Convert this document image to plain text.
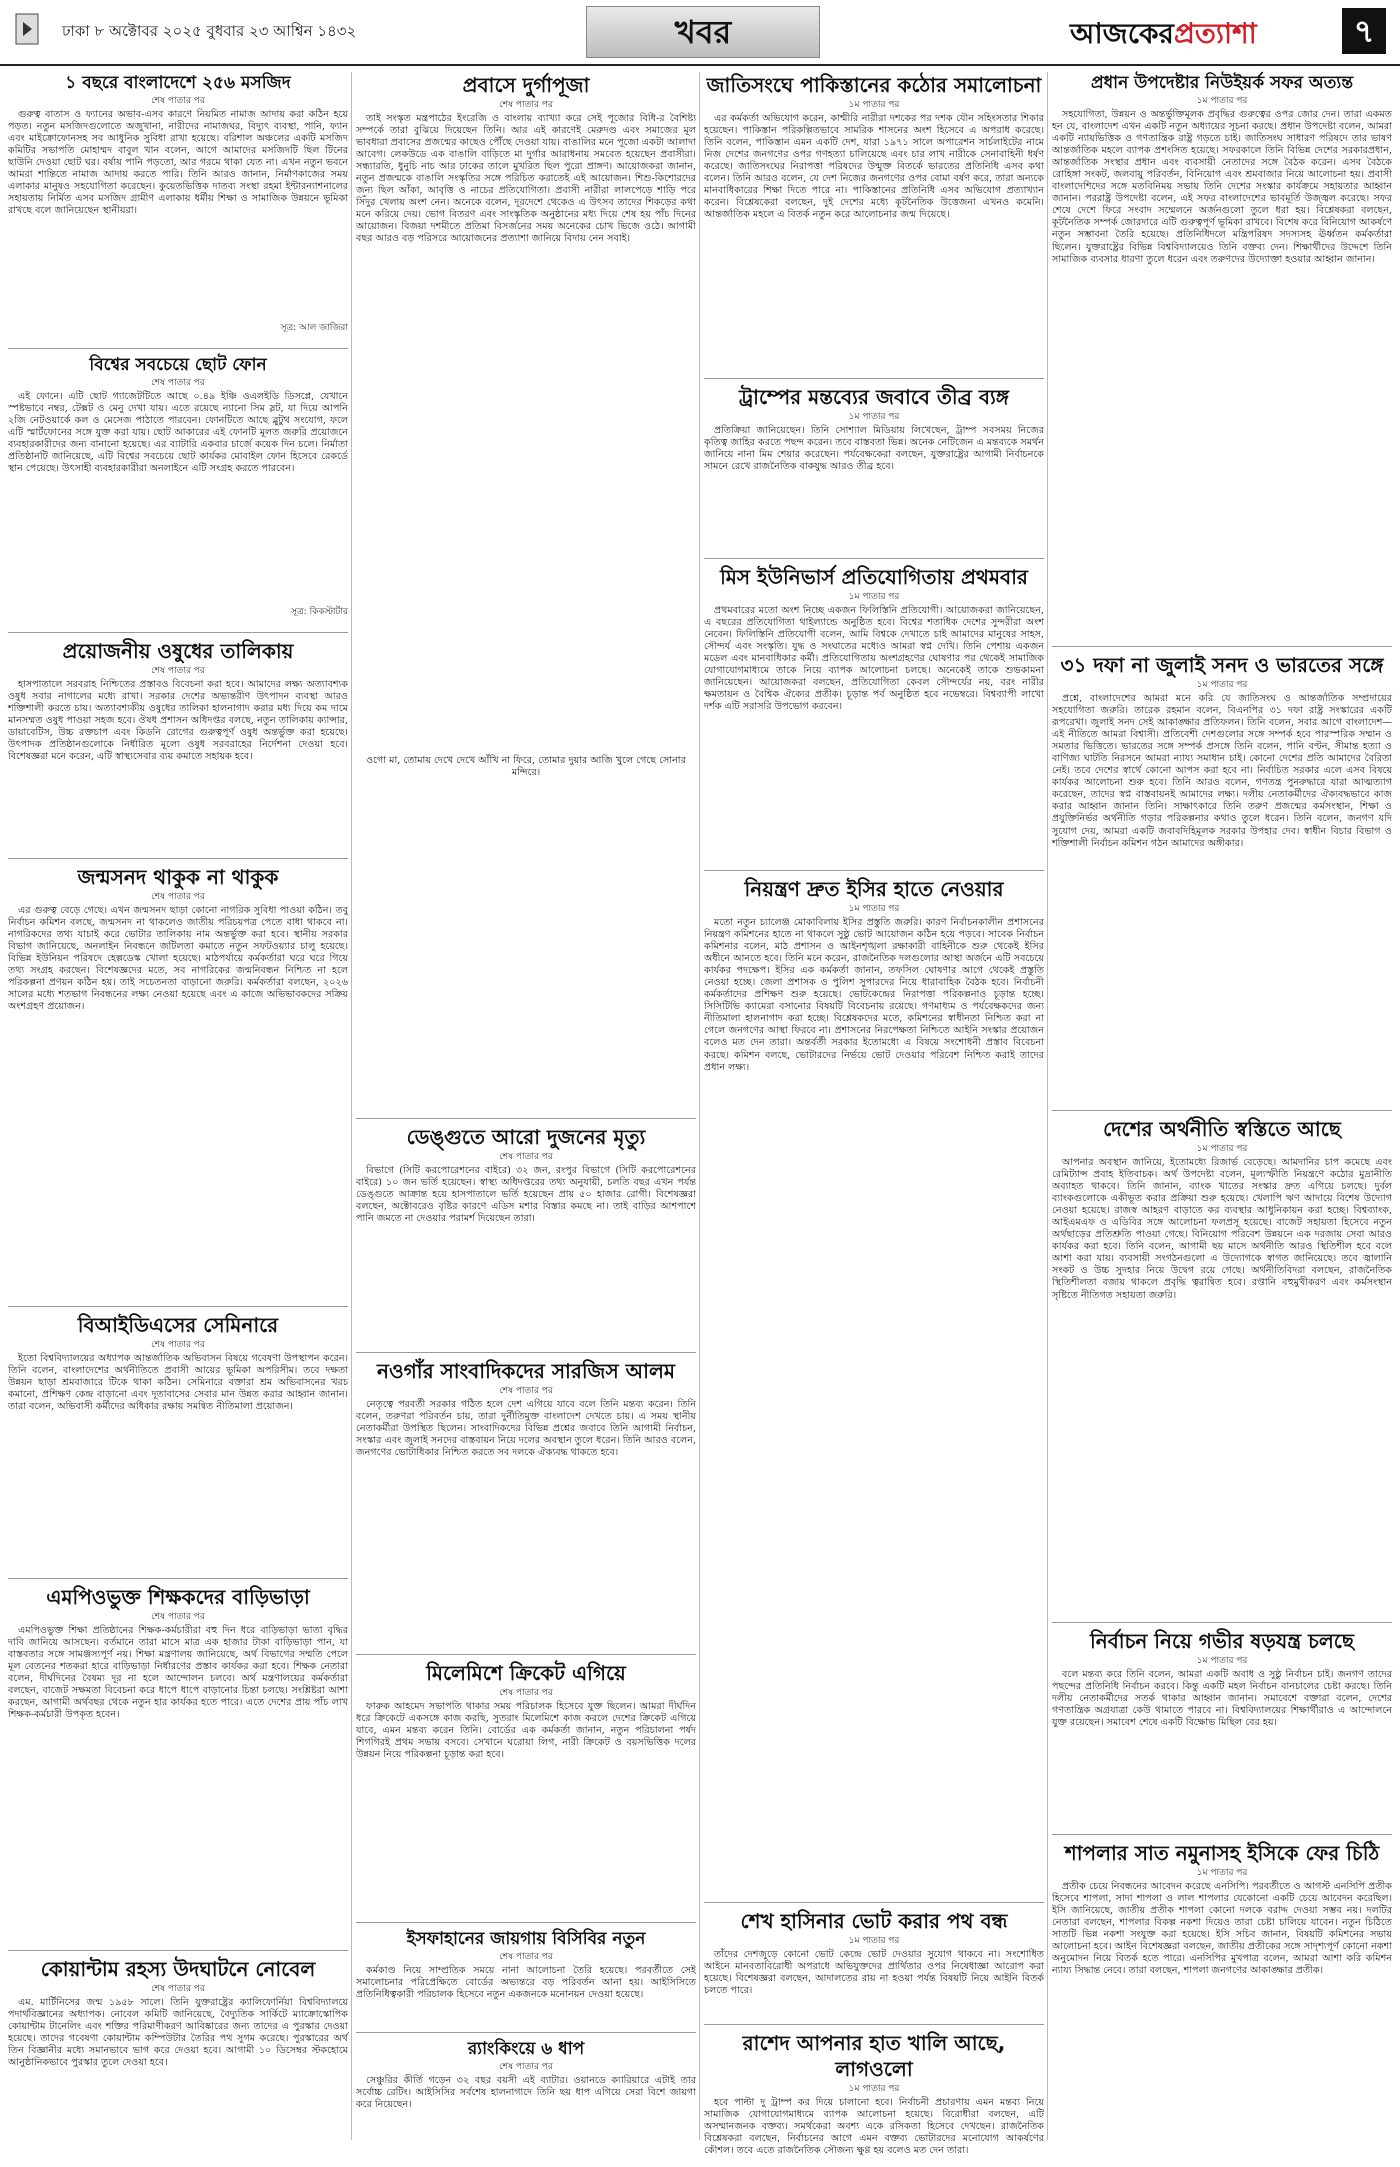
ঢাকা ৮ অক্টোবর ২০২৫ বুধবার ২৩ আশ্বিন ১৪৩২	খবর	আজকেরপ্রত্যাশা	৭
১ বছরে বাংলাদেশে ২৫৬ মসজিদ
শেষ পাতার পর

গুরুত্ব বাতাস ও ফ্যানের অভাব-এসব কারণে নিয়মিত নামাজ আদায় করা কঠিন হয়ে পড়ত। নতুন মসজিদগুলোতে অজুখানা, নারীদের নামাজঘর, বিদ্যুৎ ব্যবস্থা, পানি, ফ্যান এবং মাইক্রোফোনসহ সব আধুনিক সুবিধা রাখা হয়েছে। বরিশাল অঞ্চলের একটি মসজিদ কমিটির সভাপতি মোহাম্মদ বাবুল খান বলেন, আগে আমাদের মসজিদটি ছিল টিনের ছাউনি দেওয়া ছোট ঘর। বর্ষায় পানি পড়তো, আর গরমে থাকা যেত না। এখন নতুন ভবনে আমরা শান্তিতে নামাজ আদায় করতে পারি। তিনি আরও জানান, নির্মাণকাজের সময় এলাকার মানুষও সহযোগিতা করেছেন। কুয়েতভিত্তিক দাতব্য সংস্থা রহমা ইন্টারন্যাশনালের সহায়তায় নির্মিত এসব মসজিদ গ্রামীণ এলাকায় ধর্মীয় শিক্ষা ও সামাজিক উন্নয়নে ভূমিকা রাখছে বলে জানিয়েছেন স্থানীয়রা।

সূত্র: আল জাজিরা
বিশ্বের সবচেয়ে ছোট ফোন
শেষ পাতার পর

এই ফোনে। এটি ছোট গ্যাজেটটিতে আছে ০.৪৯ ইঞ্চি ওএলইডি ডিসপ্লে, যেখানে স্পষ্টভাবে নম্বর, টেক্সট ও মেনু দেখা যায়। এতে রয়েছে ন্যানো সিম স্লট, যা দিয়ে আপনি ২জি নেটওয়ার্কে কল ও মেসেজ পাঠাতে পারবেন। ফোনটিতে আছে ব্লুটুথ সংযোগ, ফলে এটি স্মার্টফোনের সঙ্গে যুক্ত করা যায়। ছোট আকারের এই ফোনটি মূলত জরুরি প্রয়োজনে ব্যবহারকারীদের জন্য বানানো হয়েছে। এর ব্যাটারি একবার চার্জে কয়েক দিন চলে। নির্মাতা প্রতিষ্ঠানটি জানিয়েছে, এটি বিশ্বের সবচেয়ে ছোট কার্যকর মোবাইল ফোন হিসেবে রেকর্ডে স্থান পেয়েছে। উৎসাহী ব্যবহারকারীরা অনলাইনে এটি সংগ্রহ করতে পারবেন।

সূত্র: কিকস্টার্টার
প্রয়োজনীয় ওষুধের তালিকায়
শেষ পাতার পর

হাসপাতালে সরবরাহ নিশ্চিতের প্রস্তাবও বিবেচনা করা হবে। আমাদের লক্ষ্য অত্যাবশ্যক ওষুধ সবার নাগালের মধ্যে রাখা। সরকার দেশের অভ্যন্তরীণ উৎপাদন ব্যবস্থা আরও শক্তিশালী করতে চায়। অত্যাবশ্যকীয় ওষুধের তালিকা হালনাগাদ করার মধ্য দিয়ে কম দামে মানসম্মত ওষুধ পাওয়া সহজ হবে। ঔষধ প্রশাসন অধিদপ্তর বলছে, নতুন তালিকায় ক্যান্সার, ডায়াবেটিস, উচ্চ রক্তচাপ এবং কিডনি রোগের গুরুত্বপূর্ণ ওষুধ অন্তর্ভুক্ত করা হয়েছে। উৎপাদক প্রতিষ্ঠানগুলোকে নির্ধারিত মূল্যে ওষুধ সরবরাহের নির্দেশনা দেওয়া হবে। বিশেষজ্ঞরা মনে করেন, এটি স্বাস্থ্যসেবার ব্যয় কমাতে সহায়ক হবে।

জন্মসনদ থাকুক না থাকুক
শেষ পাতার পর

এর গুরুত্ব বেড়ে গেছে। এখন জন্মসনদ ছাড়া কোনো নাগরিক সুবিধা পাওয়া কঠিন। তবু নির্বাচন কমিশন বলছে, জন্মসনদ না থাকলেও জাতীয় পরিচয়পত্র পেতে বাধা থাকবে না। নাগরিকদের তথ্য যাচাই করে ভোটার তালিকায় নাম অন্তর্ভুক্ত করা হবে। স্থানীয় সরকার বিভাগ জানিয়েছে, অনলাইন নিবন্ধনে জটিলতা কমাতে নতুন সফটওয়্যার চালু হয়েছে। বিভিন্ন ইউনিয়ন পরিষদে হেল্পডেস্ক খোলা হয়েছে। মাঠপর্যায়ে কর্মকর্তারা ঘরে ঘরে গিয়ে তথ্য সংগ্রহ করছেন। বিশেষজ্ঞদের মতে, সব নাগরিকের জন্মনিবন্ধন নিশ্চিত না হলে পরিকল্পনা প্রণয়ন কঠিন হয়। তাই সচেতনতা বাড়ানো জরুরি। কর্মকর্তারা বলছেন, ২০২৬ সালের মধ্যে শতভাগ নিবন্ধনের লক্ষ্য নেওয়া হয়েছে এবং এ কাজে অভিভাবকদের সক্রিয় অংশগ্রহণ প্রয়োজন।

বিআইডিএসের সেমিনারে
শেষ পাতার পর

ইতো বিশ্ববিদ্যালয়ের অধ্যাপক আন্তর্জাতিক অভিবাসন বিষয়ে গবেষণা উপস্থাপন করেন। তিনি বলেন, বাংলাদেশের অর্থনীতিতে প্রবাসী আয়ের ভূমিকা অপরিসীম। তবে দক্ষতা উন্নয়ন ছাড়া শ্রমবাজারে টিকে থাকা কঠিন। সেমিনারে বক্তারা শ্রম অভিবাসনের খরচ কমানো, প্রশিক্ষণ কেন্দ্র বাড়ানো এবং দূতাবাসের সেবার মান উন্নত করার আহ্বান জানান। তারা বলেন, অভিবাসী কর্মীদের অধিকার রক্ষায় সমন্বিত নীতিমালা প্রয়োজন।

এমপিওভুক্ত শিক্ষকদের বাড়িভাড়া
শেষ পাতার পর

এমপিওভুক্ত শিক্ষা প্রতিষ্ঠানের শিক্ষক-কর্মচারীরা বহু দিন ধরে বাড়িভাড়া ভাতা বৃদ্ধির দাবি জানিয়ে আসছেন। বর্তমানে তারা মাসে মাত্র এক হাজার টাকা বাড়িভাড়া পান, যা বাস্তবতার সঙ্গে সামঞ্জস্যপূর্ণ নয়। শিক্ষা মন্ত্রণালয় জানিয়েছে, অর্থ বিভাগের সম্মতি পেলে মূল বেতনের শতকরা হারে বাড়িভাড়া নির্ধারণের প্রস্তাব কার্যকর করা হবে। শিক্ষক নেতারা বলেন, দীর্ঘদিনের বৈষম্য দূর না হলে আন্দোলন চলবে। অর্থ মন্ত্রণালয়ের কর্মকর্তারা বলছেন, বাজেট সক্ষমতা বিবেচনা করে ধাপে ধাপে বাড়ানোর চিন্তা চলছে। সংশ্লিষ্টরা আশা করছেন, আগামী অর্থবছর থেকে নতুন হার কার্যকর হতে পারে। এতে দেশের প্রায় পাঁচ লাখ শিক্ষক-কর্মচারী উপকৃত হবেন।

কোয়ান্টাম রহস্য উদঘাটনে নোবেল
শেষ পাতার পর

এম. মার্টিনিসের জন্ম ১৯৫৮ সালে। তিনি যুক্তরাষ্ট্রের ক্যালিফোর্নিয়া বিশ্ববিদ্যালয়ে পদার্থবিজ্ঞানের অধ্যাপক। নোবেল কমিটি জানিয়েছে, বৈদ্যুতিক সার্কিটে ম্যাক্রোস্কোপিক কোয়ান্টাম টানেলিং এবং শক্তির পরিমাণীকরণ আবিষ্কারের জন্য তাদের এ পুরস্কার দেওয়া হয়েছে। তাদের গবেষণা কোয়ান্টাম কম্পিউটার তৈরির পথ সুগম করেছে। পুরস্কারের অর্থ তিন বিজ্ঞানীর মধ্যে সমানভাবে ভাগ করে দেওয়া হবে। আগামী ১০ ডিসেম্বর স্টকহোমে আনুষ্ঠানিকভাবে পুরস্কার তুলে দেওয়া হবে।

প্রবাসে দুর্গাপূজা
শেষ পাতার পর

তাই সংস্কৃত মন্ত্রপাঠের ইংরেজি ও বাংলায় ব্যাখ্যা করে সেই পূজোর বিধি-র বৈশিষ্ট্য সম্পর্কে তারা বুঝিয়ে দিয়েছেন তিনি। আর এই কারণেই মেরুদণ্ড এবং সমাজের মূল ভাবধারা প্রবাসের প্রজন্মের কাছেও পৌঁছে দেওয়া যায়। বাঙালির মনে পূজো একটা আলাদা আবেগ। লেকউডে এক বাঙালি বাড়িতে মা দুর্গার আরাধনায় সমবেত হয়েছেন প্রবাসীরা। সন্ধ্যারতি, ধুনুচি নাচ আর ঢাকের তালে মুখরিত ছিল পুরো প্রাঙ্গণ। আয়োজকরা জানান, নতুন প্রজন্মকে বাঙালি সংস্কৃতির সঙ্গে পরিচিত করাতেই এই আয়োজন। শিশু-কিশোরদের জন্য ছিল আঁকা, আবৃত্তি ও নাচের প্রতিযোগিতা। প্রবাসী নারীরা লালপেড়ে শাড়ি পরে সিঁদুর খেলায় অংশ নেন। অনেকে বলেন, দূরদেশে থেকেও এ উৎসব তাদের শিকড়ের কথা মনে করিয়ে দেয়। ভোগ বিতরণ এবং সাংস্কৃতিক অনুষ্ঠানের মধ্য দিয়ে শেষ হয় পাঁচ দিনের আয়োজন। বিজয়া দশমীতে প্রতিমা বিসর্জনের সময় অনেকের চোখ ভিজে ওঠে। আগামী বছর আরও বড় পরিসরে আয়োজনের প্রত্যাশা জানিয়ে বিদায় নেন সবাই।

ওগো মা, তোমায় দেখে দেখে আঁখি না ফিরে, তোমার দুয়ার আজি খুলে গেছে সোনার মন্দিরে।
ডেঙ্গুতে আরো দুজনের মৃত্যু
শেষ পাতার পর

বিভাগে (সিটি করপোরেশনের বাইরে) ৩২ জন, রংপুর বিভাগে (সিটি করপোরেশনের বাইরে) ১০ জন ভর্তি হয়েছেন। স্বাস্থ্য অধিদপ্তরের তথ্য অনুযায়ী, চলতি বছর এখন পর্যন্ত ডেঙ্গুতে আক্রান্ত হয়ে হাসপাতালে ভর্তি হয়েছেন প্রায় ৫০ হাজার রোগী। বিশেষজ্ঞরা বলছেন, অক্টোবরেও বৃষ্টির কারণে এডিস মশার বিস্তার কমছে না। তাই বাড়ির আশপাশে পানি জমতে না দেওয়ার পরামর্শ দিয়েছেন তারা।

নওগাঁর সাংবাদিকদের সারজিস আলম
শেষ পাতার পর

নেতৃত্বে পরবর্তী সরকার গঠিত হলে দেশ এগিয়ে যাবে বলে তিনি মন্তব্য করেন। তিনি বলেন, তরুণরা পরিবর্তন চায়, তারা দুর্নীতিমুক্ত বাংলাদেশ দেখতে চায়। এ সময় স্থানীয় নেতাকর্মীরা উপস্থিত ছিলেন। সাংবাদিকদের বিভিন্ন প্রশ্নের জবাবে তিনি আগামী নির্বাচন, সংস্কার এবং জুলাই সনদের বাস্তবায়ন নিয়ে দলের অবস্থান তুলে ধরেন। তিনি আরও বলেন, জনগণের ভোটাধিকার নিশ্চিত করতে সব দলকে ঐক্যবদ্ধ থাকতে হবে।

মিলেমিশে ক্রিকেট এগিয়ে
শেষ পাতার পর

ফারুক আহমেদ সভাপতি থাকার সময় পরিচালক হিসেবে যুক্ত ছিলেন। আমরা দীর্ঘদিন ধরে ক্রিকেটে একসঙ্গে কাজ করছি, সুতরাং মিলেমিশে কাজ করলে দেশের ক্রিকেট এগিয়ে যাবে, এমন মন্তব্য করেন তিনি। বোর্ডের এক কর্মকর্তা জানান, নতুন পরিচালনা পর্ষদ শিগগিরই প্রথম সভায় বসবে। সেখানে ঘরোয়া লিগ, নারী ক্রিকেট ও বয়সভিত্তিক দলের উন্নয়ন নিয়ে পরিকল্পনা চূড়ান্ত করা হবে।

ইসফাহানের জায়গায় বিসিবির নতুন
শেষ পাতার পর

কর্মকাণ্ড নিয়ে সাম্প্রতিক সময়ে নানা আলোচনা তৈরি হয়েছে। পরবর্তীতে সেই সমালোচনার পরিপ্রেক্ষিতে বোর্ডের অভ্যন্তরে বড় পরিবর্তন আনা হয়। আইসিসিতে প্রতিনিধিত্বকারী পরিচালক হিসেবে নতুন একজনকে মনোনয়ন দেওয়া হয়েছে।

র‍্যাংকিংয়ে ৬ ধাপ
শেষ পাতার পর

সেঞ্চুরির কীর্তি গড়েন ৩২ বছর বয়সী এই ব্যাটার। ওয়ানডে ক্যারিয়ারে এটাই তার সর্বোচ্চ রেটিং। আইসিসির সর্বশেষ হালনাগাদে তিনি ছয় ধাপ এগিয়ে সেরা বিশে জায়গা করে নিয়েছেন।

জাতিসংঘে পাকিস্তানের কঠোর সমালোচনা
১ম পাতার পর

এর কর্মকর্তা অভিযোগ করেন, কাশ্মীরি নারীরা দশকের পর দশক যৌন সহিংসতার শিকার হয়েছেন। পাকিস্তান পরিকল্পিতভাবে সামরিক শাসনের অংশ হিসেবে এ অপরাধ করেছে। তিনি বলেন, পাকিস্তান এমন একটি দেশ, যারা ১৯৭১ সালে অপারেশন সার্চলাইটের নামে নিজ দেশের জনগণের ওপর গণহত্যা চালিয়েছে এবং চার লাখ নারীকে সেনাবাহিনী ধর্ষণ করেছে। জাতিসংঘের নিরাপত্তা পরিষদের উন্মুক্ত বিতর্কে ভারতের প্রতিনিধি এসব কথা বলেন। তিনি আরও বলেন, যে দেশ নিজের জনগণের ওপর বোমা বর্ষণ করে, তারা অন্যকে মানবাধিকারের শিক্ষা দিতে পারে না। পাকিস্তানের প্রতিনিধি এসব অভিযোগ প্রত্যাখ্যান করেন। বিশ্লেষকেরা বলছেন, দুই দেশের মধ্যে কূটনৈতিক উত্তেজনা এখনও কমেনি। আন্তর্জাতিক মহলে এ বিতর্ক নতুন করে আলোচনার জন্ম দিয়েছে।

ট্রাম্পের মন্তব্যের জবাবে তীব্র ব্যঙ্গ
১ম পাতার পর

প্রতিক্রিয়া জানিয়েছেন। তিনি সোশ্যাল মিডিয়ায় লিখেছেন, ট্রাম্প সবসময় নিজের কৃতিত্ব জাহির করতে পছন্দ করেন। তবে বাস্তবতা ভিন্ন। অনেক নেটিজেন এ মন্তব্যকে সমর্থন জানিয়ে নানা মিম শেয়ার করেছেন। পর্যবেক্ষকেরা বলছেন, যুক্তরাষ্ট্রের আগামী নির্বাচনকে সামনে রেখে রাজনৈতিক বাকযুদ্ধ আরও তীব্র হবে।

মিস ইউনিভার্স প্রতিযোগিতায় প্রথমবার
১ম পাতার পর

প্রথমবারের মতো অংশ নিচ্ছে একজন ফিলিস্তিনি প্রতিযোগী। আয়োজকরা জানিয়েছেন, এ বছরের প্রতিযোগিতা থাইল্যান্ডে অনুষ্ঠিত হবে। বিশ্বের শতাধিক দেশের সুন্দরীরা অংশ নেবেন। ফিলিস্তিনি প্রতিযোগী বলেন, আমি বিশ্বকে দেখাতে চাই আমাদের মানুষের সাহস, সৌন্দর্য এবং সংস্কৃতি। যুদ্ধ ও সংঘাতের মধ্যেও আমরা স্বপ্ন দেখি। তিনি পেশায় একজন মডেল এবং মানবাধিকার কর্মী। প্রতিযোগিতায় অংশগ্রহণের ঘোষণার পর থেকেই সামাজিক যোগাযোগমাধ্যমে তাকে নিয়ে ব্যাপক আলোচনা চলছে। অনেকেই তাকে শুভকামনা জানিয়েছেন। আয়োজকরা বলছেন, প্রতিযোগিতা কেবল সৌন্দর্যের নয়, বরং নারীর ক্ষমতায়ন ও বৈশ্বিক ঐক্যের প্রতীক। চূড়ান্ত পর্ব অনুষ্ঠিত হবে নভেম্বরে। বিশ্বব্যাপী লাখো দর্শক এটি সরাসরি উপভোগ করবেন।

নিয়ন্ত্রণ দ্রুত ইসির হাতে নেওয়ার
১ম পাতার পর

মতো নতুন চ্যালেঞ্জ মোকাবিলায় ইসির প্রস্তুতি জরুরি। কারণ নির্বাচনকালীন প্রশাসনের নিয়ন্ত্রণ কমিশনের হাতে না থাকলে সুষ্ঠু ভোট আয়োজন কঠিন হয়ে পড়বে। সাবেক নির্বাচন কমিশনার বলেন, মাঠ প্রশাসন ও আইনশৃঙ্খলা রক্ষাকারী বাহিনীকে শুরু থেকেই ইসির অধীনে আনতে হবে। তিনি মনে করেন, রাজনৈতিক দলগুলোর আস্থা অর্জনে এটি সবচেয়ে কার্যকর পদক্ষেপ। ইসির এক কর্মকর্তা জানান, তফসিল ঘোষণার আগে থেকেই প্রস্তুতি নেওয়া হচ্ছে। জেলা প্রশাসক ও পুলিশ সুপারদের নিয়ে ধারাবাহিক বৈঠক হবে। নির্বাচনী কর্মকর্তাদের প্রশিক্ষণ শুরু হয়েছে। ভোটকেন্দ্রের নিরাপত্তা পরিকল্পনাও চূড়ান্ত হচ্ছে। সিসিটিভি ক্যামেরা বসানোর বিষয়টি বিবেচনায় রয়েছে। গণমাধ্যম ও পর্যবেক্ষকদের জন্য নীতিমালা হালনাগাদ করা হচ্ছে। বিশ্লেষকদের মতে, কমিশনের স্বাধীনতা নিশ্চিত করা না গেলে জনগণের আস্থা ফিরবে না। প্রশাসনের নিরপেক্ষতা নিশ্চিতে আইনি সংস্কার প্রয়োজন বলেও মত দেন তারা। অন্তর্বর্তী সরকার ইতোমধ্যে এ বিষয়ে সংশোধনী প্রস্তাব বিবেচনা করছে। কমিশন বলছে, ভোটারদের নির্ভয়ে ভোট দেওয়ার পরিবেশ নিশ্চিত করাই তাদের প্রধান লক্ষ্য।

শেখ হাসিনার ভোট করার পথ বন্ধ
১ম পাতার পর

তাঁদের দেশজুড়ে কোনো ভোট কেন্দ্রে ভোট দেওয়ার সুযোগ থাকবে না। সংশোধিত আইনে মানবতাবিরোধী অপরাধে অভিযুক্তদের প্রার্থিতার ওপর নিষেধাজ্ঞা আরোপ করা হয়েছে। বিশেষজ্ঞরা বলছেন, আদালতের রায় না হওয়া পর্যন্ত বিষয়টি নিয়ে আইনি বিতর্ক চলতে পারে।

রাশেদ আপনার হাত খালি আছে, লাগওলো
১ম পাতার পর

হবে পাল্টা দু ট্রাম্প কর দিয়ে চালানো হবে। নির্বাচনী প্রচারণায় এমন মন্তব্য নিয়ে সামাজিক যোগাযোগমাধ্যমে ব্যাপক আলোচনা হয়েছে। বিরোধীরা বলছেন, এটি অসম্মানজনক বক্তব্য। সমর্থকেরা অবশ্য একে রসিকতা হিসেবে দেখছেন। রাজনৈতিক বিশ্লেষকরা বলছেন, নির্বাচনের আগে এমন বক্তব্য ভোটারদের মনোযোগ আকর্ষণের কৌশল। তবে এতে রাজনৈতিক সৌজন্য ক্ষুণ্ণ হয় বলেও মত দেন তারা।

প্রধান উপদেষ্টার নিউইয়র্ক সফর অত্যন্ত
১ম পাতার পর

সহযোগিতা, উন্নয়ন ও অন্তর্ভুক্তিমূলক প্রবৃদ্ধির গুরুত্বের ওপর জোর দেন। তারা একমত হন যে, বাংলাদেশ এখন একটি নতুন অধ্যায়ের সূচনা করছে। প্রধান উপদেষ্টা বলেন, আমরা একটি ন্যায়ভিত্তিক ও গণতান্ত্রিক রাষ্ট্র গড়তে চাই। জাতিসংঘ সাধারণ পরিষদে তার ভাষণ আন্তর্জাতিক মহলে ব্যাপক প্রশংসিত হয়েছে। সফরকালে তিনি বিভিন্ন দেশের সরকারপ্রধান, আন্তর্জাতিক সংস্থার প্রধান এবং ব্যবসায়ী নেতাদের সঙ্গে বৈঠক করেন। এসব বৈঠকে রোহিঙ্গা সংকট, জলবায়ু পরিবর্তন, বিনিয়োগ এবং শ্রমবাজার নিয়ে আলোচনা হয়। প্রবাসী বাংলাদেশিদের সঙ্গে মতবিনিময় সভায় তিনি দেশের সংস্কার কার্যক্রমে সহায়তার আহ্বান জানান। পররাষ্ট্র উপদেষ্টা বলেন, এই সফর বাংলাদেশের ভাবমূর্তি উজ্জ্বল করেছে। সফর শেষে দেশে ফিরে সংবাদ সম্মেলনে অর্জনগুলো তুলে ধরা হয়। বিশ্লেষকরা বলছেন, কূটনৈতিক সম্পর্ক জোরদারে এটি গুরুত্বপূর্ণ ভূমিকা রাখবে। বিশেষ করে বিনিয়োগ আকর্ষণে নতুন সম্ভাবনা তৈরি হয়েছে। প্রতিনিধিদলে মন্ত্রিপরিষদ সদস্যসহ ঊর্ধ্বতন কর্মকর্তারা ছিলেন। যুক্তরাষ্ট্রের বিভিন্ন বিশ্ববিদ্যালয়েও তিনি বক্তব্য দেন। শিক্ষার্থীদের উদ্দেশে তিনি সামাজিক ব্যবসার ধারণা তুলে ধরেন এবং তরুণদের উদ্যোক্তা হওয়ার আহ্বান জানান।

৩১ দফা না জুলাই সনদ ও ভারতের সঙ্গে
১ম পাতার পর

প্রশ্নে, বাংলাদেশের আমরা মনে করি যে জাতিসংঘ ও আন্তর্জাতিক সম্প্রদায়ের সহযোগিতা জরুরি। তারেক রহমান বলেন, বিএনপির ৩১ দফা রাষ্ট্র সংস্কারের একটি রূপরেখা। জুলাই সনদ সেই আকাঙ্ক্ষার প্রতিফলন। তিনি বলেন, সবার আগে বাংলাদেশ—এই নীতিতে আমরা বিশ্বাসী। প্রতিবেশী দেশগুলোর সঙ্গে সম্পর্ক হবে পারস্পরিক সম্মান ও সমতার ভিত্তিতে। ভারতের সঙ্গে সম্পর্ক প্রসঙ্গে তিনি বলেন, পানি বণ্টন, সীমান্ত হত্যা ও বাণিজ্য ঘাটতি নিরসনে আমরা ন্যায্য সমাধান চাই। কোনো দেশের প্রতি আমাদের বৈরিতা নেই। তবে দেশের স্বার্থে কোনো আপস করা হবে না। নির্বাচিত সরকার এলে এসব বিষয়ে কার্যকর আলোচনা শুরু হবে। তিনি আরও বলেন, গণতন্ত্র পুনরুদ্ধারে যারা আত্মত্যাগ করেছেন, তাদের স্বপ্ন বাস্তবায়নই আমাদের লক্ষ্য। দলীয় নেতাকর্মীদের ঐক্যবদ্ধভাবে কাজ করার আহ্বান জানান তিনি। সাক্ষাৎকারে তিনি তরুণ প্রজন্মের কর্মসংস্থান, শিক্ষা ও প্রযুক্তিনির্ভর অর্থনীতি গড়ার পরিকল্পনার কথাও তুলে ধরেন। তিনি বলেন, জনগণ যদি সুযোগ দেয়, আমরা একটি জবাবদিহিমূলক সরকার উপহার দেব। স্বাধীন বিচার বিভাগ ও শক্তিশালী নির্বাচন কমিশন গঠন আমাদের অঙ্গীকার।

দেশের অর্থনীতি স্বস্তিতে আছে
১ম পাতার পর

আপনার অবস্থান জানিয়ে, ইতোমধ্যে রিজার্ভ বেড়েছে। আমদানির চাপ কমেছে এবং রেমিট্যান্স প্রবাহ ইতিবাচক। অর্থ উপদেষ্টা বলেন, মূল্যস্ফীতি নিয়ন্ত্রণে কঠোর মুদ্রানীতি অব্যাহত থাকবে। তিনি জানান, ব্যাংক খাতের সংস্কার দ্রুত এগিয়ে চলছে। দুর্বল ব্যাংকগুলোকে একীভূত করার প্রক্রিয়া শুরু হয়েছে। খেলাপি ঋণ আদায়ে বিশেষ উদ্যোগ নেওয়া হয়েছে। রাজস্ব আহরণ বাড়াতে কর ব্যবস্থার আধুনিকায়ন করা হচ্ছে। বিশ্বব্যাংক, আইএমএফ ও এডিবির সঙ্গে আলোচনা ফলপ্রসূ হয়েছে। বাজেট সহায়তা হিসেবে নতুন অর্থছাড়ের প্রতিশ্রুতি পাওয়া গেছে। বিনিয়োগ পরিবেশ উন্নয়নে এক দরজায় সেবা আরও কার্যকর করা হবে। তিনি বলেন, আগামী ছয় মাসে অর্থনীতি আরও স্থিতিশীল হবে বলে আশা করা যায়। ব্যবসায়ী সংগঠনগুলো এ উদ্যোগকে স্বাগত জানিয়েছে। তবে জ্বালানি সংকট ও উচ্চ সুদহার নিয়ে উদ্বেগ রয়ে গেছে। অর্থনীতিবিদরা বলছেন, রাজনৈতিক স্থিতিশীলতা বজায় থাকলে প্রবৃদ্ধি ত্বরান্বিত হবে। রপ্তানি বহুমুখীকরণ এবং কর্মসংস্থান সৃষ্টিতে নীতিগত সহায়তা জরুরি।

নির্বাচন নিয়ে গভীর ষড়যন্ত্র চলছে
১ম পাতার পর

বলে মন্তব্য করে তিনি বলেন, আমরা একটি অবাধ ও সুষ্ঠু নির্বাচন চাই। জনগণ তাদের পছন্দের প্রতিনিধি নির্বাচন করবে। কিন্তু একটি মহল নির্বাচন বানচালের চেষ্টা করছে। তিনি দলীয় নেতাকর্মীদের সতর্ক থাকার আহ্বান জানান। সমাবেশে বক্তারা বলেন, দেশের গণতান্ত্রিক অগ্রযাত্রা কেউ থামাতে পারবে না। বিশ্ববিদ্যালয়ের শিক্ষার্থীরাও এ আন্দোলনে যুক্ত রয়েছেন। সমাবেশ শেষে একটি বিক্ষোভ মিছিল বের হয়।

শাপলার সাত নমুনাসহ ইসিকে ফের চিঠি
১ম পাতার পর

প্রতীক চেয়ে নিবন্ধনের আবেদন করেছে এনসিপি। পরবর্তীতে ও আগস্ট এনসিপি প্রতীক হিসেবে শাপলা, সাদা শাপলা ও লাল শাপলার যেকোনো একটি চেয়ে আবেদন করেছিল। ইসি জানিয়েছে, জাতীয় প্রতীক শাপলা কোনো দলকে বরাদ্দ দেওয়া সম্ভব নয়। দলটির নেতারা বলছেন, শাপলার বিকল্প নকশা দিয়েও তারা চেষ্টা চালিয়ে যাবেন। নতুন চিঠিতে সাতটি ভিন্ন নকশা সংযুক্ত করা হয়েছে। ইসি সচিব জানান, বিষয়টি কমিশনের সভায় আলোচনা হবে। আইন বিশেষজ্ঞরা বলছেন, জাতীয় প্রতীকের সঙ্গে সাদৃশ্যপূর্ণ কোনো নকশা অনুমোদন নিয়ে বিতর্ক হতে পারে। এনসিপির মুখপাত্র বলেন, আমরা আশা করি কমিশন ন্যায্য সিদ্ধান্ত নেবে। তারা বলছেন, শাপলা জনগণের আকাঙ্ক্ষার প্রতীক।
